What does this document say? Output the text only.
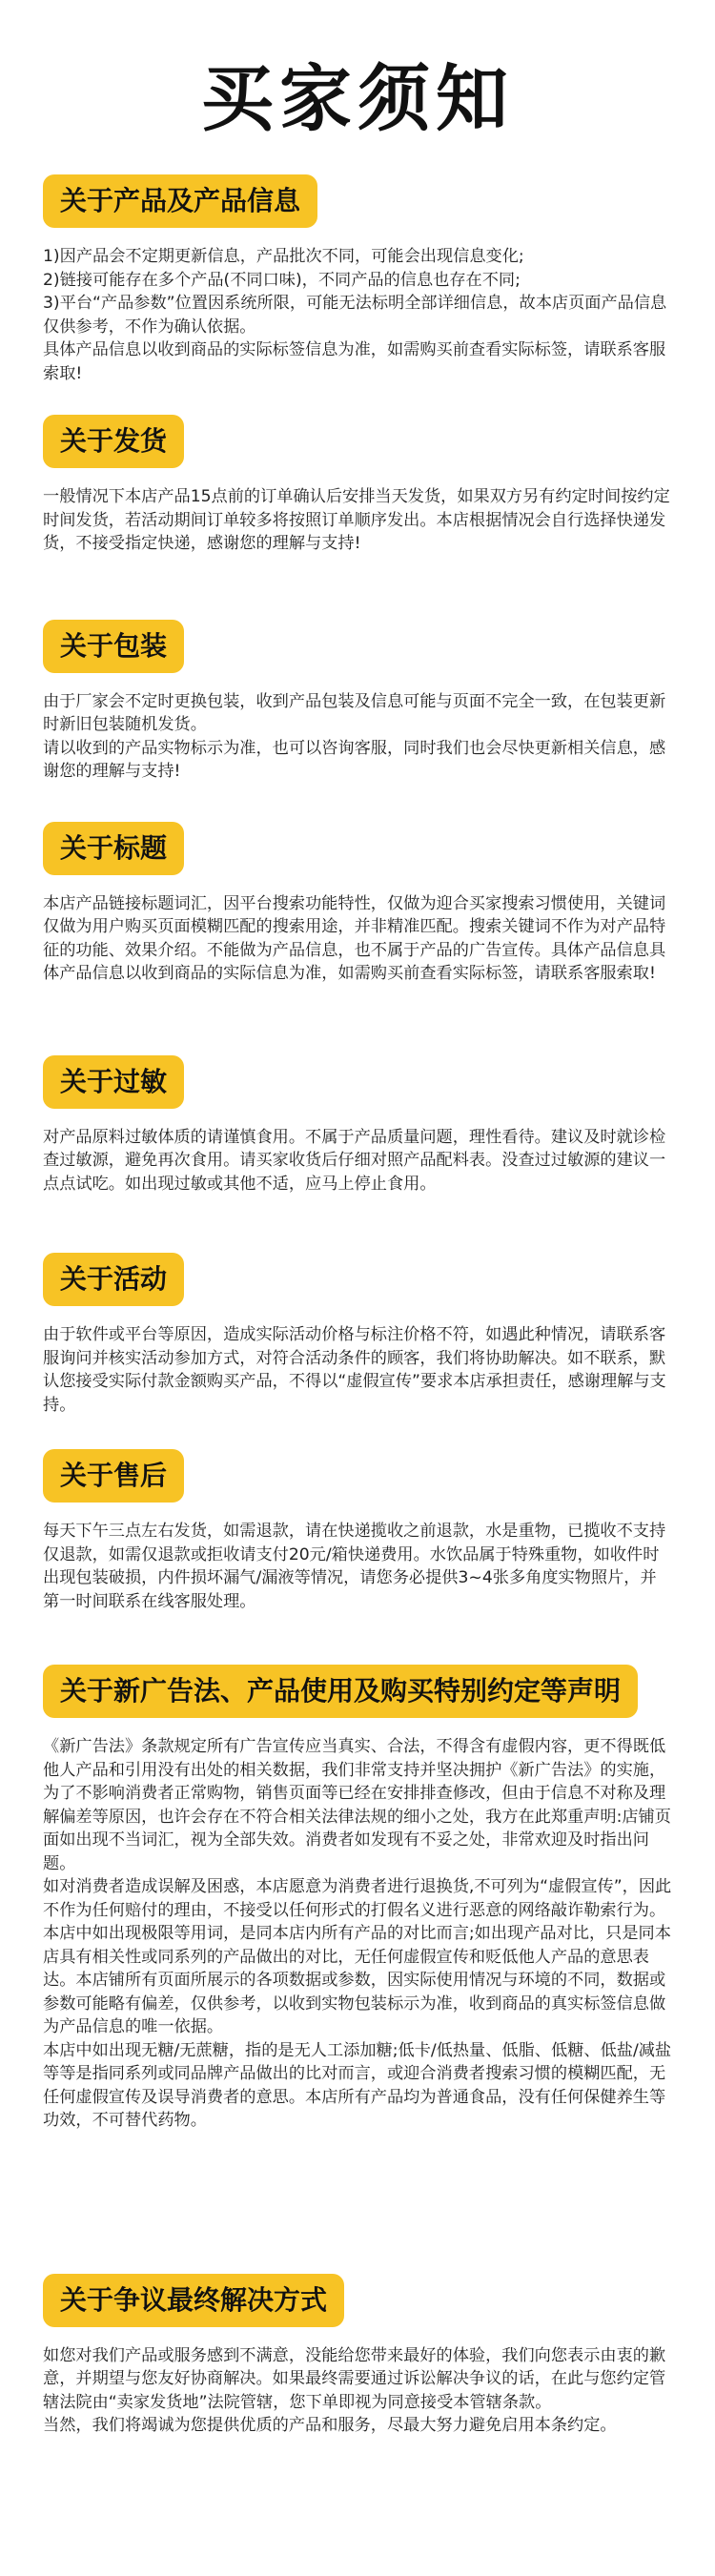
买家须知
关于产品及产品信息

1)因产品会不定期更新信息，产品批次不同，可能会出现信息变化;

2)链接可能存在多个产品(不同口味)，不同产品的信息也存在不同;

3)平台“产品参数”位置因系统所限，可能无法标明全部详细信息，故本店页面产品信息仅供参考，不作为确认依据。

具体产品信息以收到商品的实际标签信息为准，如需购买前查看实际标签，请联系客服索取!

关于发货

一般情况下本店产品15点前的订单确认后安排当天发货，如果双方另有约定时间按约定时间发货，若活动期间订单较多将按照订单顺序发出。本店根据情况会自行选择快递发货，不接受指定快递，感谢您的理解与支持!

关于包装

由于厂家会不定时更换包装，收到产品包装及信息可能与页面不完全一致，在包装更新时新旧包装随机发货。

请以收到的产品实物标示为准，也可以咨询客服，同时我们也会尽快更新相关信息，感谢您的理解与支持!

关于标题

本店产品链接标题词汇，因平台搜索功能特性，仅做为迎合买家搜索习惯使用，关键词仅做为用户购买页面模糊匹配的搜索用途，并非精准匹配。搜索关键词不作为对产品特征的功能、效果介绍。不能做为产品信息，也不属于产品的广告宣传。具体产品信息具体产品信息以收到商品的实际信息为准，如需购买前查看实际标签，请联系客服索取!

关于过敏

对产品原料过敏体质的请谨慎食用。不属于产品质量问题，理性看待。建议及时就诊检查过敏源，避免再次食用。请买家收货后仔细对照产品配料表。没查过过敏源的建议一点点试吃。如出现过敏或其他不适，应马上停止食用。

关于活动

由于软件或平台等原因，造成实际活动价格与标注价格不符，如遇此种情况，请联系客服询问并核实活动参加方式，对符合活动条件的顾客，我们将协助解决。如不联系，默认您接受实际付款金额购买产品，不得以“虚假宣传”要求本店承担责任，感谢理解与支持。

关于售后

每天下午三点左右发货，如需退款，请在快递揽收之前退款，水是重物，已揽收不支持仅退款，如需仅退款或拒收请支付20元/箱快递费用。水饮品属于特殊重物，如收件时出现包装破损，内件损坏漏气/漏液等情况，请您务必提供3~4张多角度实物照片，并第一时间联系在线客服处理。

关于新广告法、产品使用及购买特别约定等声明

《新广告法》条款规定所有广告宣传应当真实、合法，不得含有虚假内容，更不得既低他人产品和引用没有出处的相关数据，我们非常支持并坚决拥护《新广告法》的实施，为了不影响消费者正常购物，销售页面等已经在安排排查修改，但由于信息不对称及理解偏差等原因，也许会存在不符合相关法律法规的细小之处，我方在此郑重声明:店铺页面如出现不当词汇，视为全部失效。消费者如发现有不妥之处，非常欢迎及时指出问题。

如对消费者造成误解及困惑，本店愿意为消费者进行退换货,不可列为“虚假宣传”，因此不作为任何赔付的理由，不接受以任何形式的打假名义进行恶意的网络敲诈勒索行为。

本店中如出现极限等用词，是同本店内所有产品的对比而言;如出现产品对比，只是同本店具有相关性或同系列的产品做出的对比，无任何虚假宣传和贬低他人产品的意思表达。本店铺所有页面所展示的各项数据或参数，因实际使用情况与环境的不同，数据或参数可能略有偏差，仅供参考，以收到实物包装标示为准，收到商品的真实标签信息做为产品信息的唯一依据。

本店中如出现无糖/无蔗糖，指的是无人工添加糖;低卡/低热量、低脂、低糖、低盐/减盐等等是指同系列或同品牌产品做出的比对而言，或迎合消费者搜索习惯的模糊匹配，无任何虚假宣传及误导消费者的意思。本店所有产品均为普通食品，没有任何保健养生等功效，不可替代药物。

关于争议最终解决方式

如您对我们产品或服务感到不满意，没能给您带来最好的体验，我们向您表示由衷的歉意，并期望与您友好协商解决。如果最终需要通过诉讼解决争议的话，在此与您约定管辖法院由“卖家发货地”法院管辖，您下单即视为同意接受本管辖条款。

当然，我们将竭诚为您提供优质的产品和服务，尽最大努力避免启用本条约定。
